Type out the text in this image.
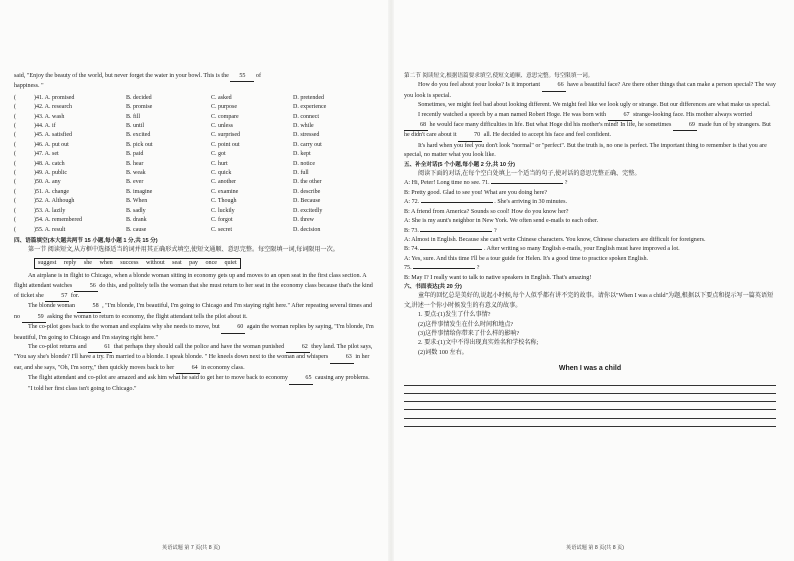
said, "Enjoy the beauty of the world, but never forget the water in your bowl. This is the 55 of
happiness. "

(	)41. A. promised	B. decided	C. asked	D. pretended
(	)42. A. research	B. promise	C. purpose	D. experience
(	)43. A. wash	B. fill	C. compare	D. connect
(	)44. A. if	B. until	C. unless	D. while
(	)45. A. satisfied	B. excited	C. surprised	D. stressed
(	)46. A. put out	B. pick out	C. point out	D. carry out
(	)47. A. set	B. paid	C. got	D. kept
(	)48. A. catch	B. hear	C. hurt	D. notice
(	)49. A. public	B. weak	C. quick	D. full
(	)50. A. any	B. ever	C. another	D. the other
(	)51. A. change	B. imagine	C. examine	D. describe
(	)52. A. Although	B. When	C. Though	D. Because
(	)53. A. lazily	B. sadly	C. luckily	D. excitedly
(	)54. A. remembered	B. drank	C. forgot	D. threw
(	)55. A. result	B. cause	C. secret	D. decision

四、语篇填空(本大题共两节 15 小题,每小题 1 分,共 15 分)

第一节 阅读短文,从方框中选择适当的词并用其正确形式填空,使短文通顺、意思完整。每空限填一词,每词限用一次。

suggest reply she when success without seat pay once quiet

An airplane is in flight to Chicago, when a blonde woman sitting in economy gets up and moves to an open seat in the first class section. A flight attendant watches	56 do this, and politely tells the woman that she must return to her seat in the economy class because that's the kind of ticket she	57 for.

The blonde woman	58 , "I'm blonde, I'm beautiful, I'm going to Chicago and I'm staying right here." After repeating several times and no	59 asking the woman to return to economy, the flight attendant tells the pilot about it.

The co-pilot goes back to the woman and explains why she needs to move, but	60 again the woman replies by saying, "I'm blonde, I'm beautiful, I'm going to Chicago and I'm staying right here."

The co-pilot returns and	61 that perhaps they should call the police and have the woman punished	62 they land. The pilot says, "You say she's blonde? I'll have a try. I'm married to a blonde. I speak blonde. " He kneels down next to the woman and whispers	63 in her ear, and she says, "Oh, I'm sorry," then quickly moves back to her	64 in economy class.

The flight attendant and co-pilot are amazed and ask him what he said to get her to move back to economy	65 causing any problems.

"I told her first class isn't going to Chicago."

英语试题 第 7 页(共 8 页)

第二节 阅读短文,根据语篇要求填空,使短文通顺、意思完整。每空限填一词。

How do you feel about your looks? Is it important	66 have a beautiful face? Are there other things that can make a person special? The way you look is special.

Sometimes, we might feel bad about looking different. We might feel like we look ugly or strange. But our differences are what make us special.

I recently watched a speech by a man named Robert Hoge. He was born with	67 strange-looking face. His mother always worried 68 he would face many difficulties in life. But what Hoge did his mother's mind! In life, he sometimes	69 made fun of by strangers. But he didn't care about it	70 all. He decided to accept his face and feel confident.

It's hard when you feel you don't look "normal" or "perfect". But the truth is, no one is perfect. The important thing to remember is that you are special, no matter what you look like.

五、补全对话(5 个小题,每小题 2 分,共 10 分)

阅读下面的对话,在每个空白处填上一个适当的句子,使对话的意思完整正确、完整。

A: Hi, Peter! Long time no see. 71.	?

B: Pretty good. Glad to see you! What are you doing here?

A: 72.	. She's arriving in 30 minutes.

B: A friend from America? Sounds so cool! How do you know her?

A: She is my aunt's neighbor in New York. We often send e-mails to each other.

B: 73.	?

A: Almost in English. Because she can't write Chinese characters. You know, Chinese characters are difficult for foreigners.

B: 74.	. After writing so many English e-mails, your English must have improved a lot.

A: Yes, sure. And this time I'll be a tour guide for Helen. It's a good time to practice spoken English.

75.	?

B: May I? I really want to talk to native speakers in English. That's amazing!

六、书面表达(共 20 分)

童年的回忆总是美好的,说起小时候,每个人似乎都有讲不完的故事。请你以"When I was a child"为题,根据以下要点和提示写一篇英语短文,讲述一个你小时候发生的有意义的故事。

1. 要点:(1)发生了什么事情?

(2)这件事情发生在什么时间和地点?

(3)这件事情给你带来了什么样的影响?

2. 要求:(1)文中不得出现真实姓名和学校名称;

(2)词数 100 左右。

When I was a child
英语试题 第 8 页(共 8 页)
